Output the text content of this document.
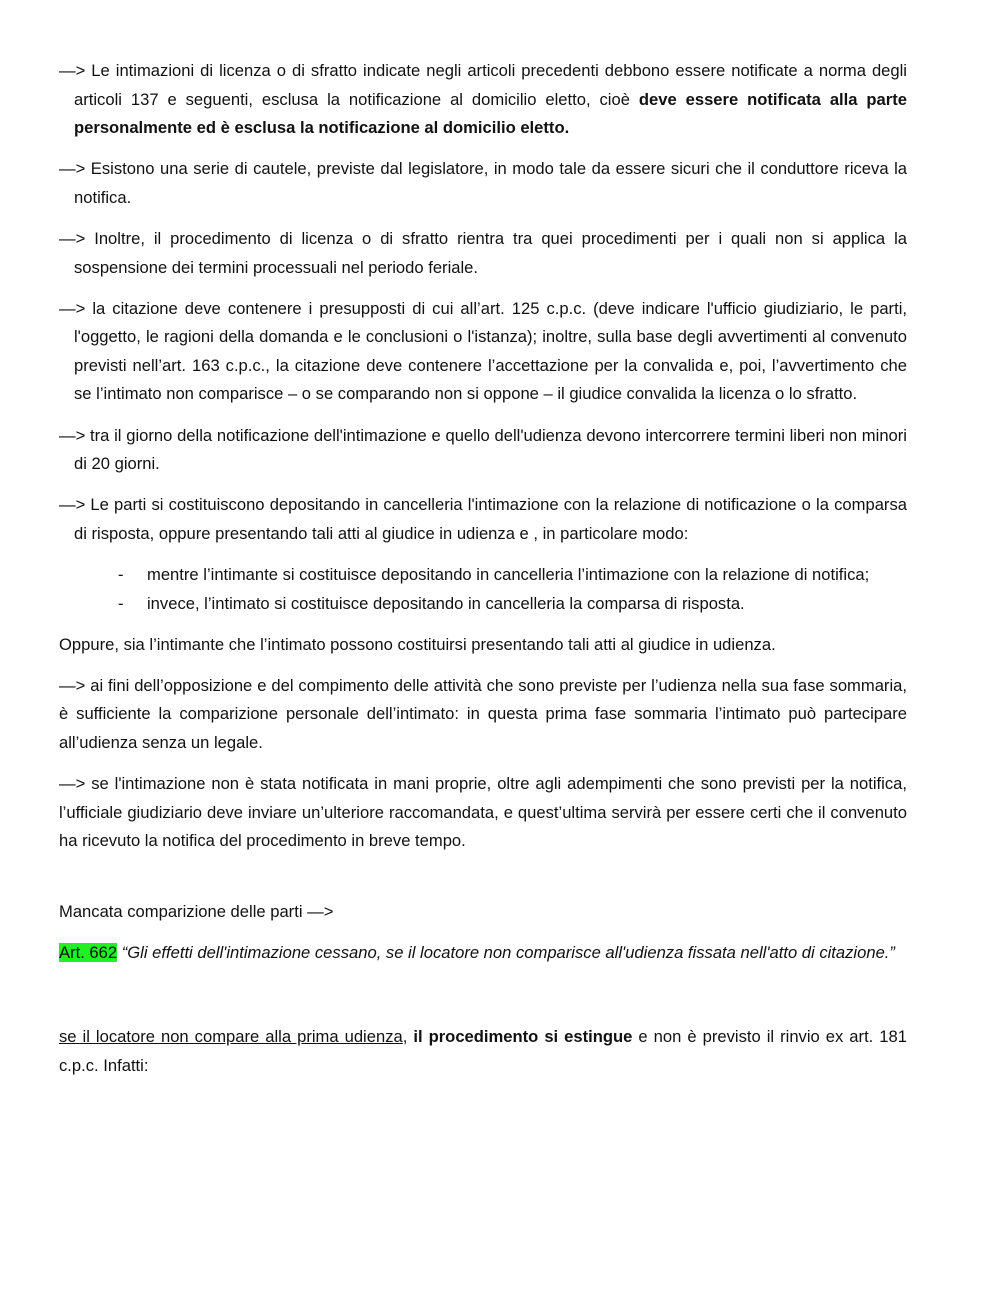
—> Le intimazioni di licenza o di sfratto indicate negli articoli precedenti debbono essere notificate a norma degli articoli 137 e seguenti, esclusa la notificazione al domicilio eletto, cioè deve essere notificata alla parte personalmente ed è esclusa la notificazione al domicilio eletto.

—> Esistono una serie di cautele, previste dal legislatore, in modo tale da essere sicuri che il conduttore riceva la notifica.

—> Inoltre, il procedimento di licenza o di sfratto rientra tra quei procedimenti per i quali non si applica la sospensione dei termini processuali nel periodo feriale.

—> la citazione deve contenere i presupposti di cui all’art. 125 c.p.c. (deve indicare l'ufficio giudiziario, le parti, l'oggetto, le ragioni della domanda e le conclusioni o l'istanza); inoltre, sulla base degli avvertimenti al convenuto previsti nell’art. 163 c.p.c., la citazione deve contenere l’accettazione per la convalida e, poi, l’avvertimento che se l’intimato non comparisce – o se comparando non si oppone – il giudice convalida la licenza o lo sfratto.

—> tra il giorno della notificazione dell'intimazione e quello dell'udienza devono intercorrere termini liberi non minori di 20 giorni.

—> Le parti si costituiscono depositando in cancelleria l'intimazione con la relazione di notificazione o la comparsa di risposta, oppure presentando tali atti al giudice in udienza e , in particolare modo:

- mentre l’intimante si costituisce depositando in cancelleria l’intimazione con la relazione di notifica;
- invece, l’intimato si costituisce depositando in cancelleria la comparsa di risposta.

Oppure, sia l’intimante che l’intimato possono costituirsi presentando tali atti al giudice in udienza.

—> ai fini dell’opposizione e del compimento delle attività che sono previste per l’udienza nella sua fase sommaria, è sufficiente la comparizione personale dell’intimato: in questa prima fase sommaria l’intimato può partecipare all’udienza senza un legale.

—> se l'intimazione non è stata notificata in mani proprie, oltre agli adempimenti che sono previsti per la notifica, l’ufficiale giudiziario deve inviare un’ulteriore raccomandata, e quest’ultima servirà per essere certi che il convenuto ha ricevuto la notifica del procedimento in breve tempo.

Mancata comparizione delle parti —>

Art. 662 “Gli effetti dell'intimazione cessano, se il locatore non comparisce all'udienza fissata nell'atto di citazione.”

se il locatore non compare alla prima udienza, il procedimento si estingue e non è previsto il rinvio ex art. 181 c.p.c. Infatti:
